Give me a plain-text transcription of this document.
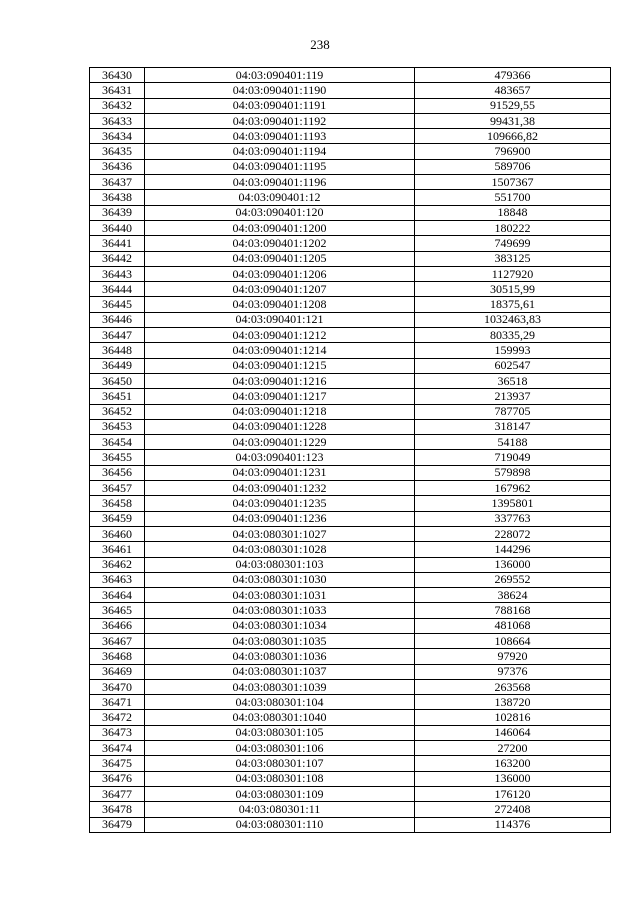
238
36430	04:03:090401:119	479366
36431	04:03:090401:1190	483657
36432	04:03:090401:1191	91529,55
36433	04:03:090401:1192	99431,38
36434	04:03:090401:1193	109666,82
36435	04:03:090401:1194	796900
36436	04:03:090401:1195	589706
36437	04:03:090401:1196	1507367
36438	04:03:090401:12	551700
36439	04:03:090401:120	18848
36440	04:03:090401:1200	180222
36441	04:03:090401:1202	749699
36442	04:03:090401:1205	383125
36443	04:03:090401:1206	1127920
36444	04:03:090401:1207	30515,99
36445	04:03:090401:1208	18375,61
36446	04:03:090401:121	1032463,83
36447	04:03:090401:1212	80335,29
36448	04:03:090401:1214	159993
36449	04:03:090401:1215	602547
36450	04:03:090401:1216	36518
36451	04:03:090401:1217	213937
36452	04:03:090401:1218	787705
36453	04:03:090401:1228	318147
36454	04:03:090401:1229	54188
36455	04:03:090401:123	719049
36456	04:03:090401:1231	579898
36457	04:03:090401:1232	167962
36458	04:03:090401:1235	1395801
36459	04:03:090401:1236	337763
36460	04:03:080301:1027	228072
36461	04:03:080301:1028	144296
36462	04:03:080301:103	136000
36463	04:03:080301:1030	269552
36464	04:03:080301:1031	38624
36465	04:03:080301:1033	788168
36466	04:03:080301:1034	481068
36467	04:03:080301:1035	108664
36468	04:03:080301:1036	97920
36469	04:03:080301:1037	97376
36470	04:03:080301:1039	263568
36471	04:03:080301:104	138720
36472	04:03:080301:1040	102816
36473	04:03:080301:105	146064
36474	04:03:080301:106	27200
36475	04:03:080301:107	163200
36476	04:03:080301:108	136000
36477	04:03:080301:109	176120
36478	04:03:080301:11	272408
36479	04:03:080301:110	114376
